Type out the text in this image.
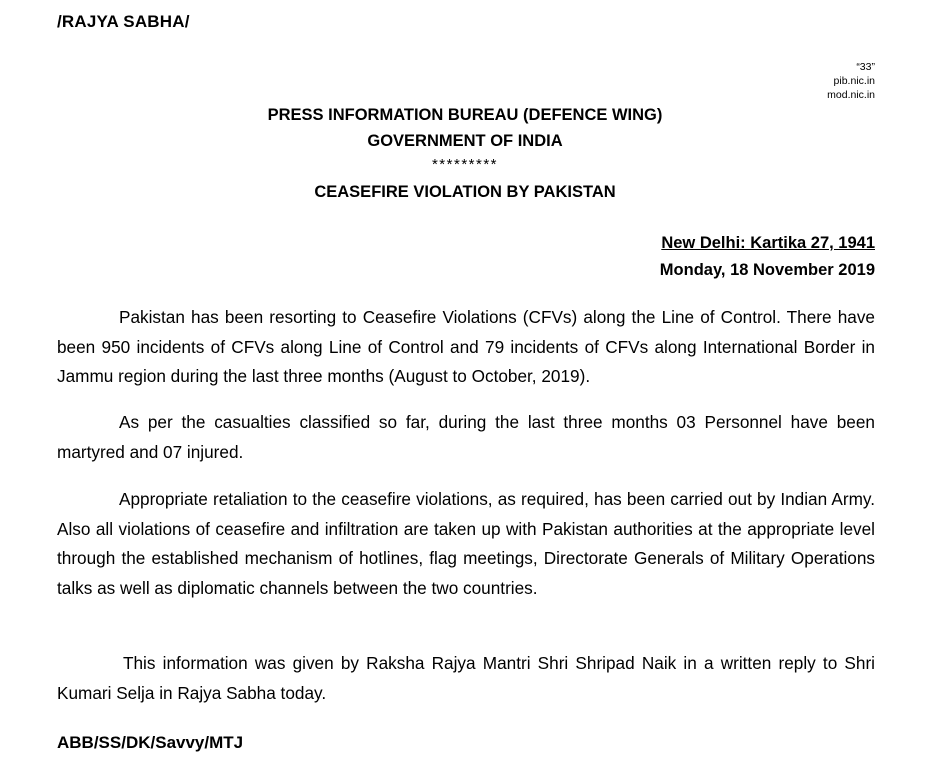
/RAJYA SABHA/
“33”
pib.nic.in
mod.nic.in
PRESS INFORMATION BUREAU (DEFENCE WING)
GOVERNMENT OF INDIA
*********
CEASEFIRE VIOLATION BY PAKISTAN
New Delhi: Kartika 27, 1941
Monday, 18 November 2019

Pakistan has been resorting to Ceasefire Violations (CFVs) along the Line of Control. There have been 950 incidents of CFVs along Line of Control and 79 incidents of CFVs along International Border in Jammu region during the last three months (August to October, 2019).

As per the casualties classified so far, during the last three months 03 Personnel have been martyred and 07 injured.

Appropriate retaliation to the ceasefire violations, as required, has been carried out by Indian Army. Also all violations of ceasefire and infiltration are taken up with Pakistan authorities at the appropriate level through the established mechanism of hotlines, flag meetings, Directorate Generals of Military Operations talks as well as diplomatic channels between the two countries.

This information was given by Raksha Rajya Mantri Shri Shripad Naik in a written reply to Shri Kumari Selja in Rajya Sabha today.

ABB/SS/DK/Savvy/MTJ
